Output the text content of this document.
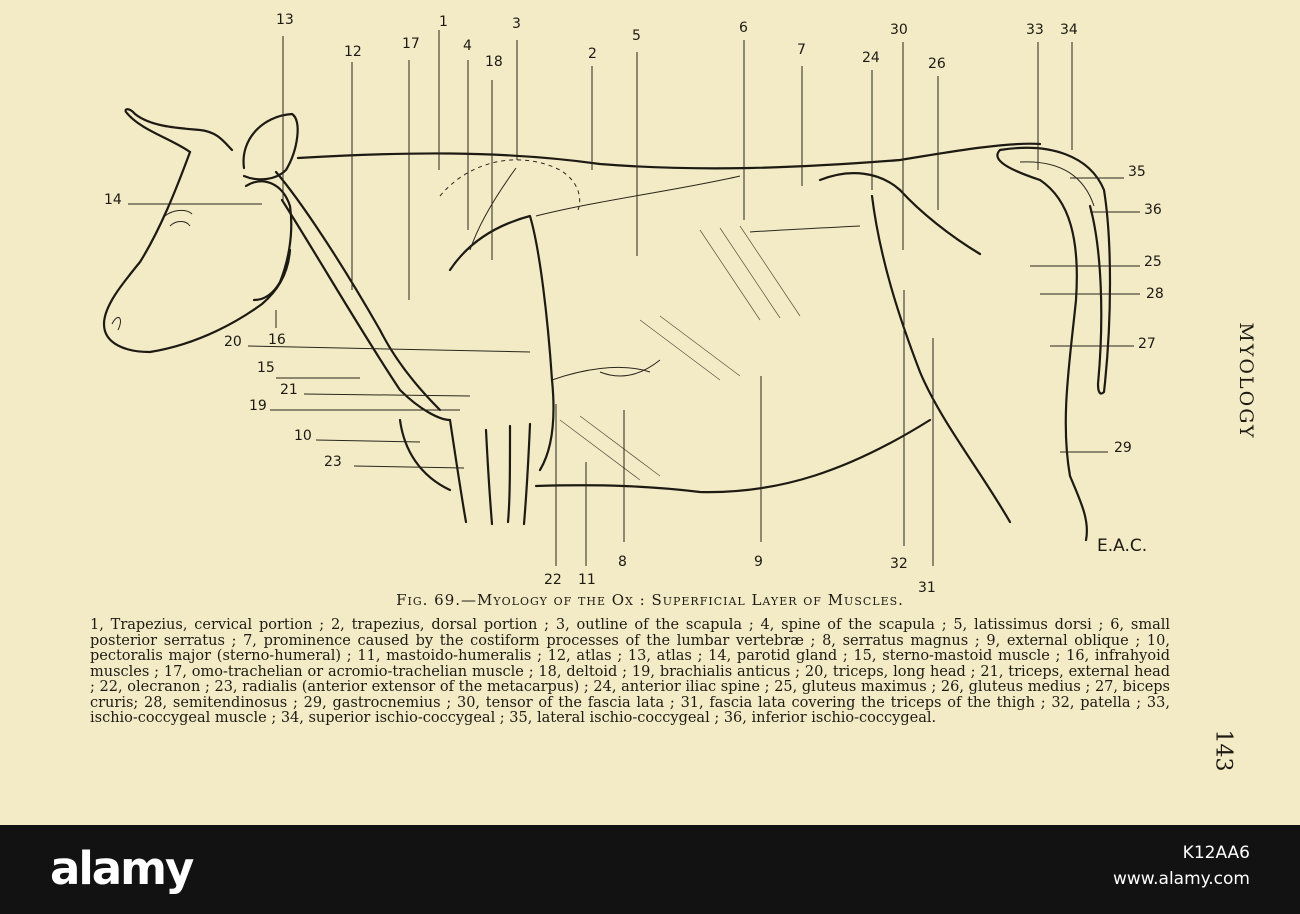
1
2
3
4
5	6
7
8	9
10
11
12
13
14
15
16
17
18
19
20
21
22
23
24
25
26
27
28
29
30
31
32
33 34
35
36
E.A.C.
Fig. 69.—Myology of the Ox : Superficial Layer of Muscles.
1, Trapezius, cervical portion ; 2, trapezius, dorsal portion ; 3, outline of the scapula ; 4, spine of the scapula ; 5, latissimus dorsi ; 6, small posterior serratus ; 7, prominence caused by the costiform processes of the lumbar vertebræ ; 8, serratus magnus ; 9, external oblique ; 10, pectoralis major (sterno-humeral) ; 11, mastoido-humeralis ; 12, atlas ; 13, atlas ; 14, parotid gland ; 15, sterno-mastoid muscle ; 16, infrahyoid muscles ; 17, omo-trachelian or acromio-trachelian muscle ; 18, deltoid ; 19, brachialis anticus ; 20, triceps, long head ; 21, triceps, external head ; 22, olecranon ; 23, radialis (anterior extensor of the metacarpus) ; 24, anterior iliac spine ; 25, gluteus maximus ; 26, gluteus medius ; 27, biceps cruris; 28, semitendinosus ; 29, gastrocnemius ; 30, tensor of the fascia lata ; 31, fascia lata covering the triceps of the thigh ; 32, patella ; 33, ischio-coccygeal muscle ; 34, superior ischio-coccygeal ; 35, lateral ischio-coccygeal ; 36, inferior ischio-coccygeal.
MYOLOGY
143
alamy	K12AA6
www.alamy.com
